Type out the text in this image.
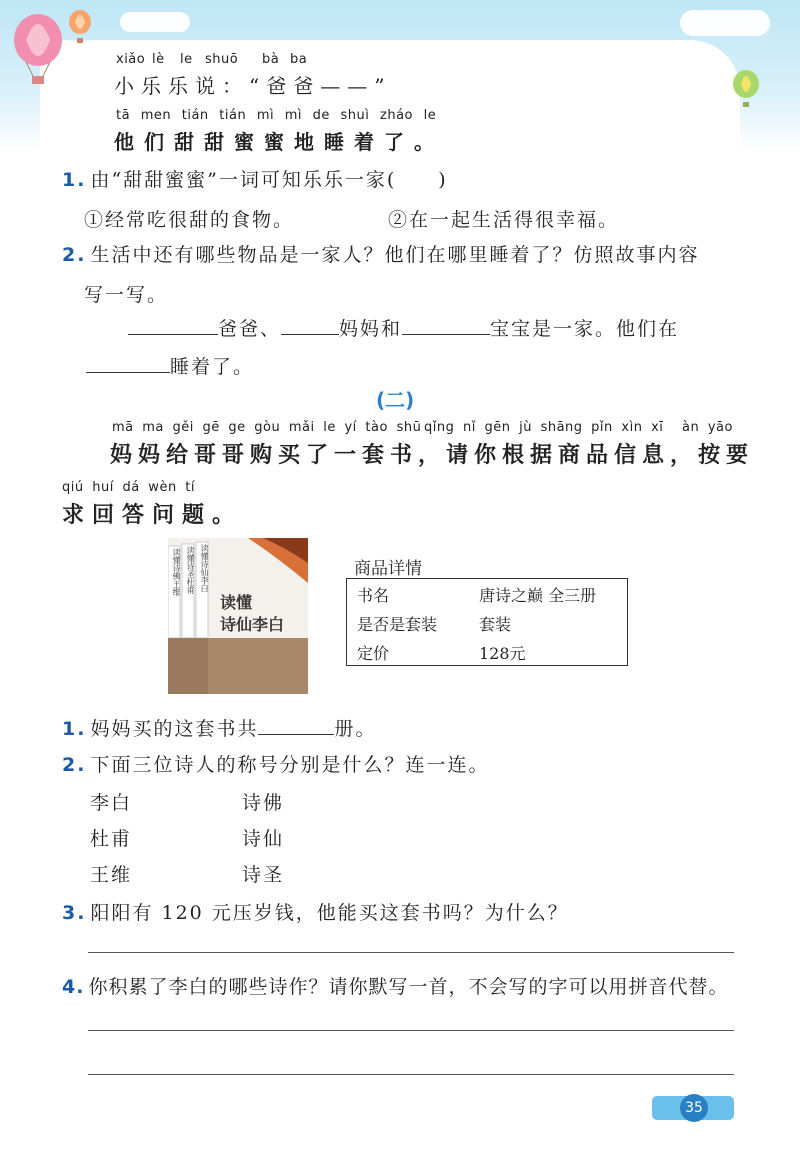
xiǎo lè le shuō bà ba
小乐乐说：“爸爸——”
tā men tián tián mì mì de shuì zháo le
他们甜甜蜜蜜地睡着了。
1. 由“甜甜蜜蜜”一词可知乐乐一家(　　)
①经常吃很甜的食物。	②在一起生活得很幸福。
2. 生活中还有哪些物品是一家人？他们在哪里睡着了？仿照故事内容
写一写。
爸爸、	妈妈和	宝宝是一家。他们在
睡着了。
(二)
mā ma gěi gē ge gòu mǎi le yí tào shū qǐng nǐ gēn jù shāng pǐn xìn xī àn yāo
妈妈给哥哥购买了一套书，请你根据商品信息，按要
qiú huí dá wèn tí
求回答问题。
读懂诗佛王维 读懂诗圣杜甫 读懂诗仙李白
读懂
诗仙李白
商品详情
书名	唐诗之巅 全三册
是否是套装	套装
定价	128元
1. 妈妈买的这套书共	册。
2. 下面三位诗人的称号分别是什么？连一连。
李白	诗佛
杜甫	诗仙
王维	诗圣
3. 阳阳有 120 元压岁钱，他能买这套书吗？为什么？
4. 你积累了李白的哪些诗作？请你默写一首，不会写的字可以用拼音代替。
35
